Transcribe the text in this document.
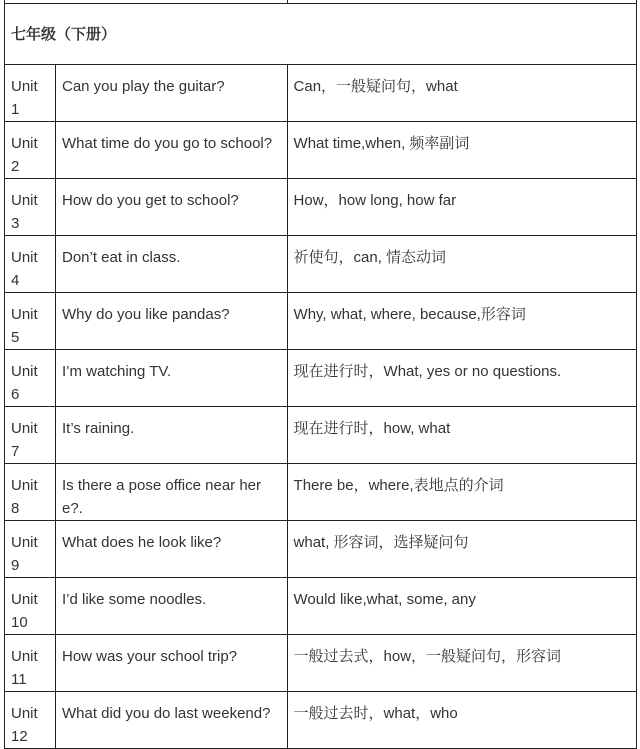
七年级（下册）		
Unit 1	Can you play the guitar?	Can，一般疑问句，what
Unit 2	What time do you go to school?	What time,when, 频率副词
Unit 3	How do you get to school?	How，how long, how far
Unit 4	Don’t eat in class.	祈使句，can, 情态动词
Unit 5	Why do you like pandas?	Why, what, where, because,形容词
Unit 6	I’m watching TV.	现在进行时，What, yes or no questions.
Unit 7	It’s raining.	现在进行时，how, what
Unit 8	Is there a pose office near here?.	There be，where,表地点的介词
Unit 9	What does he look like?	what, 形容词，选择疑问句
Unit 10	I’d like some noodles.	Would like,what, some, any
Unit 11	How was your school trip?	一般过去式，how，一般疑问句，形容词
Unit 12	What did you do last weekend?	一般过去时，what，who
